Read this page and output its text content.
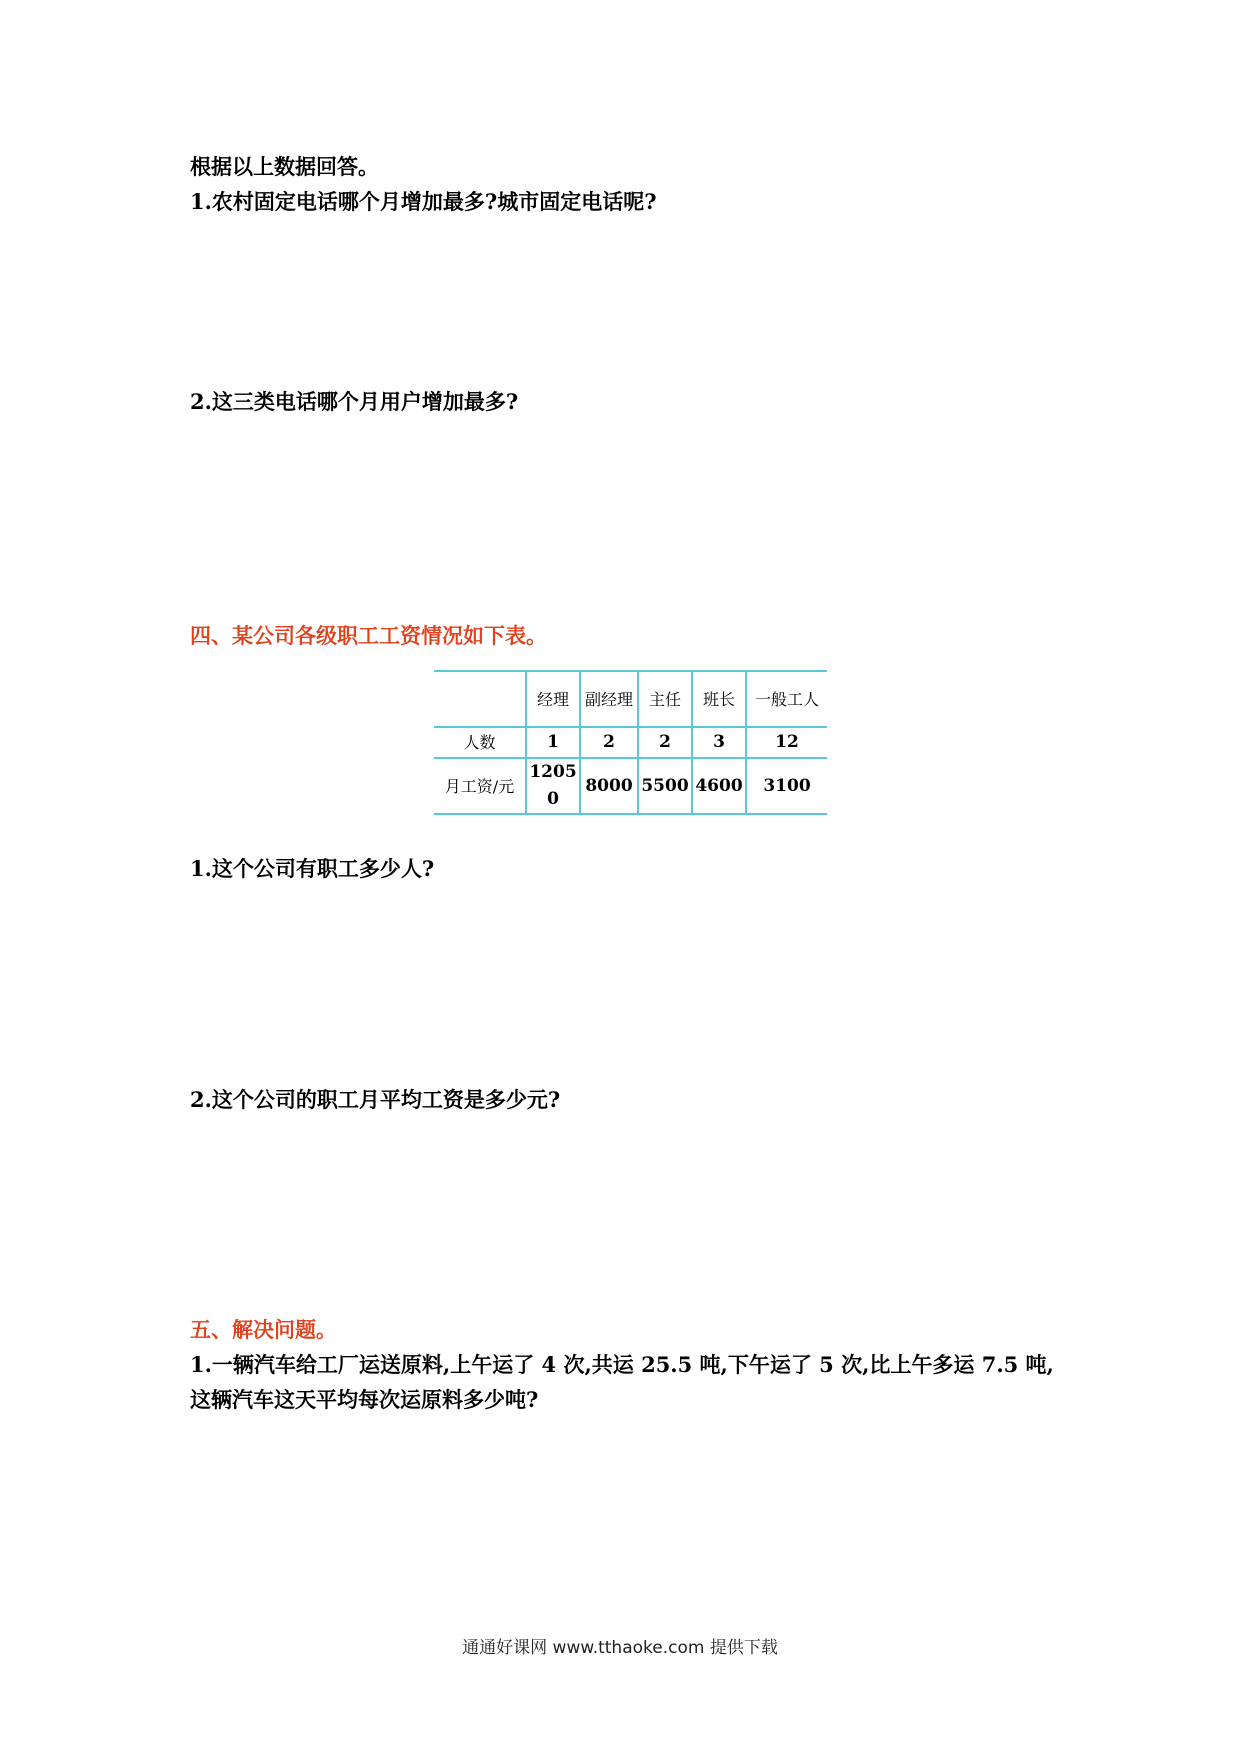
根据以上数据回答。
1.农村固定电话哪个月增加最多?城市固定电话呢?
2.这三类电话哪个月用户增加最多?
四、某公司各级职工工资情况如下表。
	经理	副经理	主任	班长	一般工人
人数	1	2	2	3	12
月工资/元	12050	8000	5500	4600	3100
1.这个公司有职工多少人?
2.这个公司的职工月平均工资是多少元?
五、解决问题。
1.一辆汽车给工厂运送原料,上午运了 4 次,共运 25.5 吨,下午运了 5 次,比上午多运 7.5 吨,
这辆汽车这天平均每次运原料多少吨?
通通好课网 www.tthaoke.com 提供下载
